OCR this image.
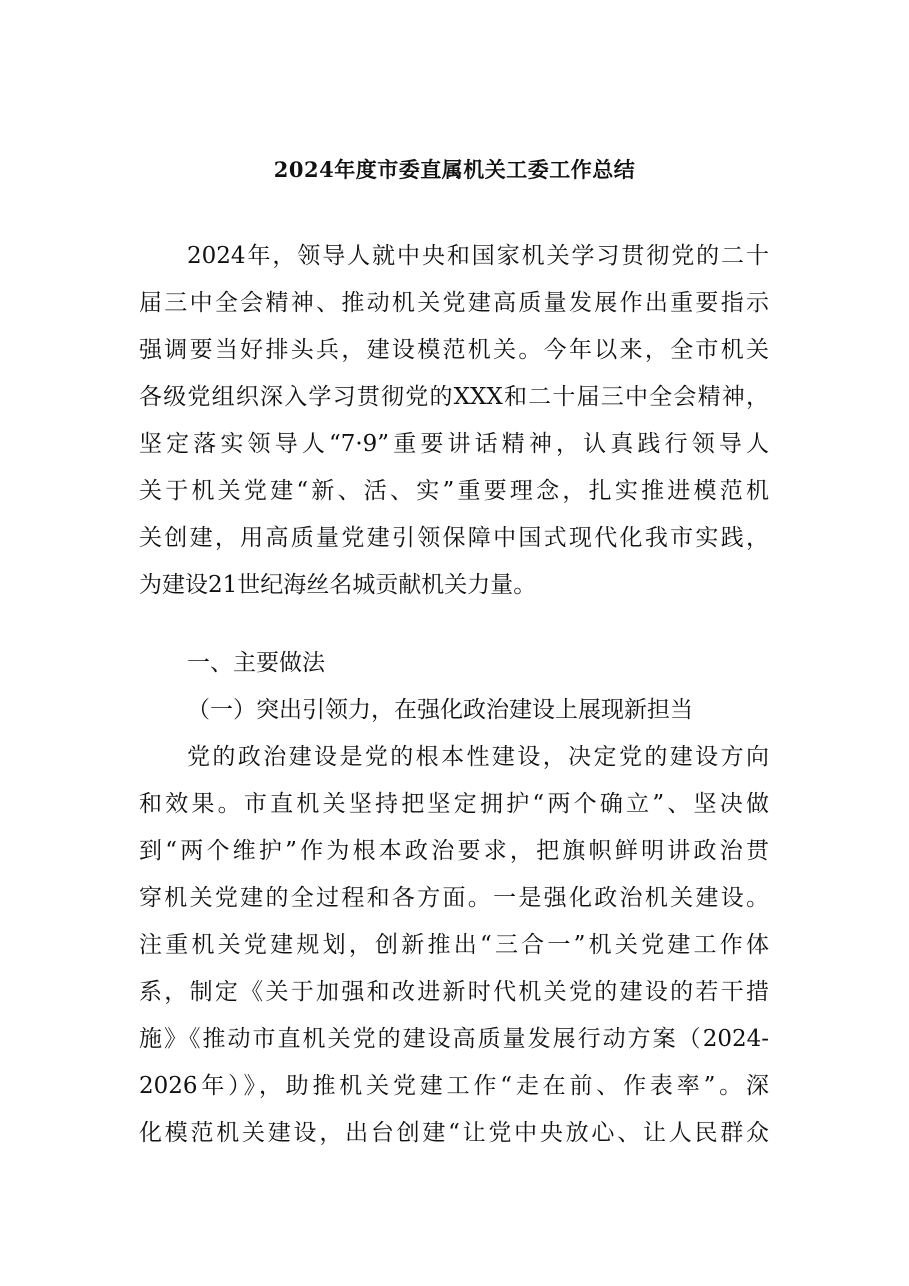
2024年度市委直属机关工委工作总结

2024年，领导人就中央和国家机关学习贯彻党的二十

届三中全会精神、推动机关党建高质量发展作出重要指示

强调要当好排头兵，建设模范机关。今年以来，全市机关

各级党组织深入学习贯彻党的XXX和二十届三中全会精神，

坚定落实领导人“7·9”重要讲话精神，认真践行领导人

关于机关党建“新、活、实”重要理念，扎实推进模范机

关创建，用高质量党建引领保障中国式现代化我市实践，

为建设21世纪海丝名城贡献机关力量。

一、主要做法

（一）突出引领力，在强化政治建设上展现新担当

党的政治建设是党的根本性建设，决定党的建设方向

和效果。市直机关坚持把坚定拥护“两个确立”、坚决做

到“两个维护”作为根本政治要求，把旗帜鲜明讲政治贯

穿机关党建的全过程和各方面。一是强化政治机关建设。

注重机关党建规划，创新推出“三合一”机关党建工作体

系，制定《关于加强和改进新时代机关党的建设的若干措

施》《推动市直机关党的建设高质量发展行动方案（2024-

2026年）》，助推机关党建工作“走在前、作表率”。深

化模范机关建设，出台创建“让党中央放心、让人民群众
